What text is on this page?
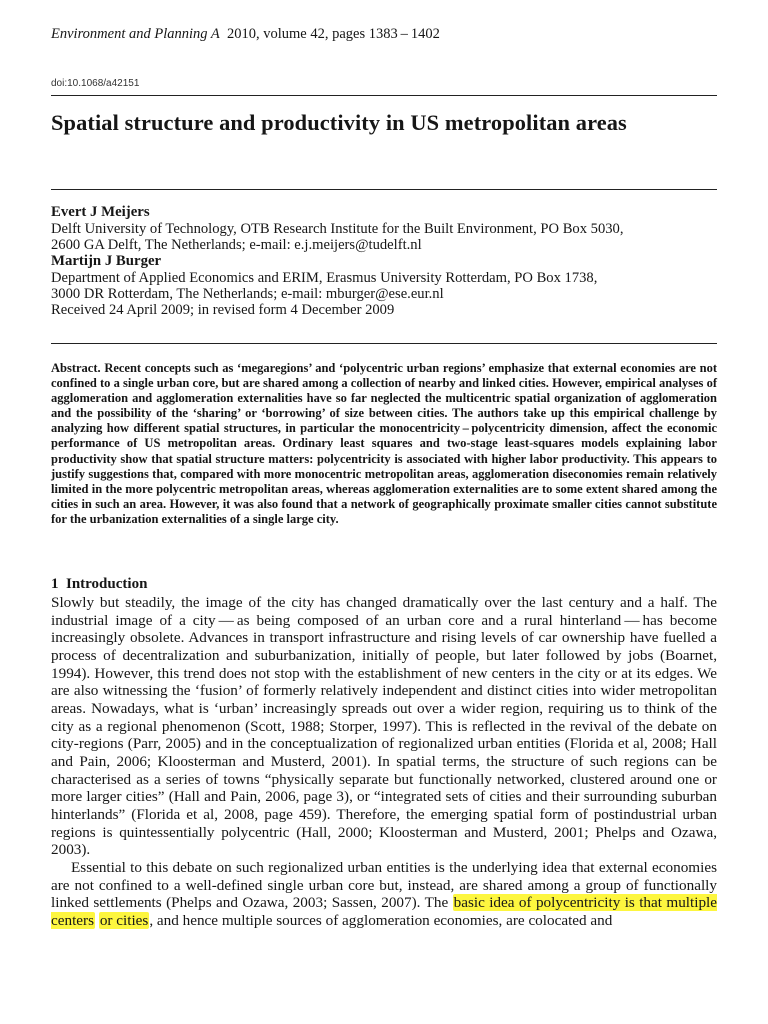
Environment and Planning A 2010, volume 42, pages 1383 – 1402
doi:10.1068/a42151
Spatial structure and productivity in US metropolitan areas
Evert J Meijers
Delft University of Technology, OTB Research Institute for the Built Environment, PO Box 5030,
2600 GA Delft, The Netherlands; e-mail: e.j.meijers@tudelft.nl
Martijn J Burger
Department of Applied Economics and ERIM, Erasmus University Rotterdam, PO Box 1738,
3000 DR Rotterdam, The Netherlands; e-mail: mburger@ese.eur.nl
Received 24 April 2009; in revised form 4 December 2009
Abstract. Recent concepts such as ‘megaregions’ and ‘polycentric urban regions’ emphasize that external economies are not confined to a single urban core, but are shared among a collection of nearby and linked cities. However, empirical analyses of agglomeration and agglomeration externalities have so far neglected the multicentric spatial organization of agglomeration and the possibility of the ‘sharing’ or ‘borrowing’ of size between cities. The authors take up this empirical challenge by analyzing how different spatial structures, in particular the monocentricity – polycentricity dimension, affect the economic performance of US metropolitan areas. Ordinary least squares and two-stage least-squares models explaining labor productivity show that spatial structure matters: polycentricity is associated with higher labor productivity. This appears to justify suggestions that, compared with more monocentric metropolitan areas, agglomeration diseconomies remain relatively limited in the more polycentric metropolitan areas, whereas agglomeration externalities are to some extent shared among the cities in such an area. However, it was also found that a network of geographically proximate smaller cities cannot substitute for the urbanization externalities of a single large city.
1 Introduction

Slowly but steadily, the image of the city has changed dramatically over the last century and a half. The industrial image of a city — as being composed of an urban core and a rural hinterland — has become increasingly obsolete. Advances in transport infrastructure and rising levels of car ownership have fuelled a process of decentralization and suburbanization, initially of people, but later followed by jobs (Boarnet, 1994). However, this trend does not stop with the establishment of new centers in the city or at its edges. We are also witnessing the ‘fusion’ of formerly relatively independent and distinct cities into wider metropolitan areas. Nowadays, what is ‘urban’ increasingly spreads out over a wider region, requiring us to think of the city as a regional phenomenon (Scott, 1988; Storper, 1997). This is reflected in the revival of the debate on city-regions (Parr, 2005) and in the conceptualization of regionalized urban entities (Florida et al, 2008; Hall and Pain, 2006; Kloosterman and Musterd, 2001). In spatial terms, the structure of such regions can be characterised as a series of towns “physically separate but functionally networked, clustered around one or more larger cities” (Hall and Pain, 2006, page 3), or “integrated sets of cities and their surrounding suburban hinterlands” (Florida et al, 2008, page 459). Therefore, the emerging spatial form of postindustrial urban regions is quintessentially polycentric (Hall, 2000; Kloosterman and Musterd, 2001; Phelps and Ozawa, 2003).

Essential to this debate on such regionalized urban entities is the underlying idea that external economies are not confined to a well-defined single urban core but, instead, are shared among a group of functionally linked settlements (Phelps and Ozawa, 2003; Sassen, 2007). The basic idea of polycentricity is that multiple centers or cities, and hence multiple sources of agglomeration economies, are colocated and
